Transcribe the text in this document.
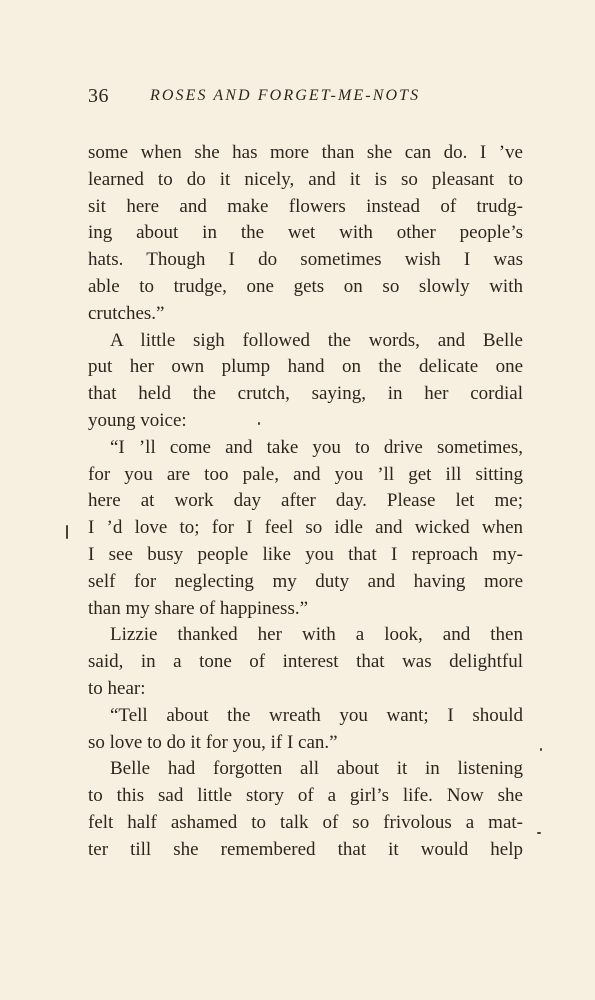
36	ROSES AND FORGET-ME-NOTS
some when she has more than she can do. I ’ve
learned to do it nicely, and it is so pleasant to
sit here and make flowers instead of trudg-
ing about in the wet with other people’s
hats. Though I do sometimes wish I was
able to trudge, one gets on so slowly with
crutches.”
A little sigh followed the words, and Belle
put her own plump hand on the delicate one
that held the crutch, saying, in her cordial
young voice:
“I ’ll come and take you to drive sometimes,
for you are too pale, and you ’ll get ill sitting
here at work day after day. Please let me;
I ’d love to; for I feel so idle and wicked when
I see busy people like you that I reproach my-
self for neglecting my duty and having more
than my share of happiness.”
Lizzie thanked her with a look, and then
said, in a tone of interest that was delightful
to hear:
“Tell about the wreath you want; I should
so love to do it for you, if I can.”
Belle had forgotten all about it in listening
to this sad little story of a girl’s life. Now she
felt half ashamed to talk of so frivolous a mat-
ter till she remembered that it would help
